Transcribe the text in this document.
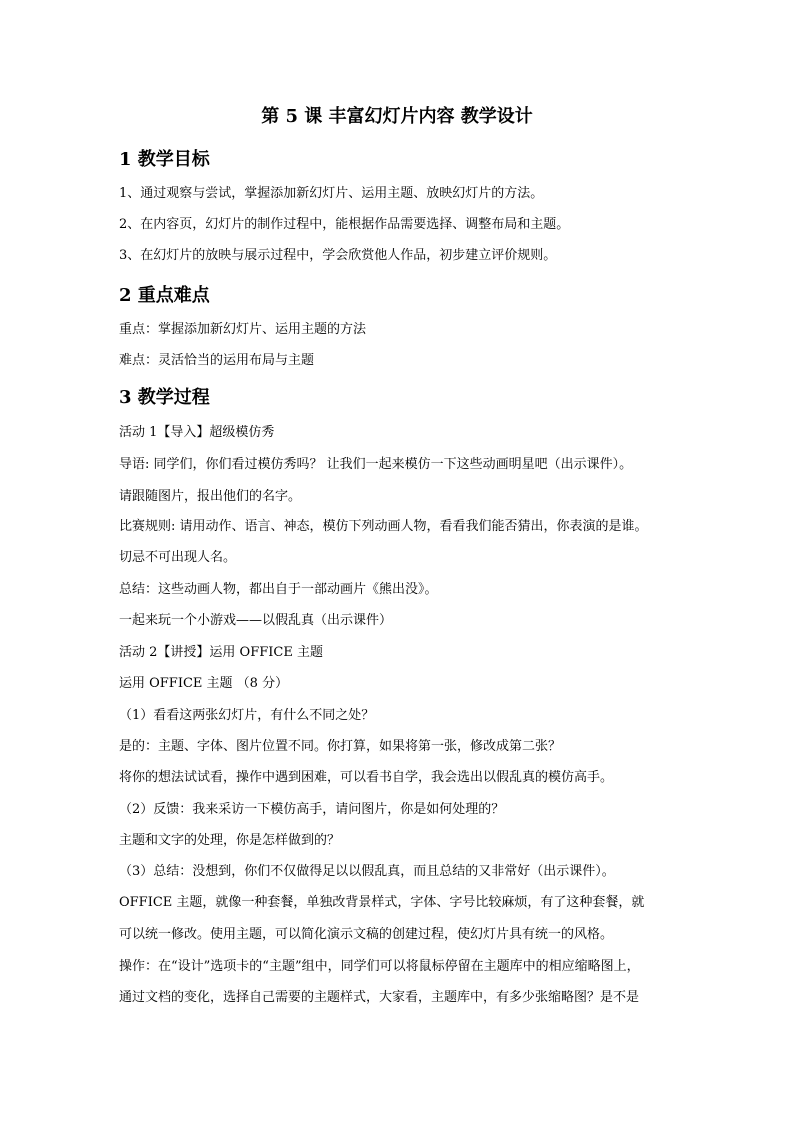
第 5 课 丰富幻灯片内容 教学设计
1 教学目标

1、通过观察与尝试，掌握添加新幻灯片、运用主题、放映幻灯片的方法。

2、在内容页，幻灯片的制作过程中，能根据作品需要选择、调整布局和主题。

3、在幻灯片的放映与展示过程中，学会欣赏他人作品，初步建立评价规则。

2 重点难点

重点：掌握添加新幻灯片、运用主题的方法

难点：灵活恰当的运用布局与主题

3 教学过程

活动 1【导入】超级模仿秀

导语: 同学们，你们看过模仿秀吗？ 让我们一起来模仿一下这些动画明星吧（出示课件）。

请跟随图片，报出他们的名字。

比赛规则: 请用动作、语言、神态，模仿下列动画人物，看看我们能否猜出，你表演的是谁。

切忌不可出现人名。

总结：这些动画人物，都出自于一部动画片《熊出没》。

一起来玩一个小游戏——以假乱真（出示课件）

活动 2【讲授】运用 OFFICE 主题

运用 OFFICE 主题 （8 分）

（1）看看这两张幻灯片，有什么不同之处？

是的：主题、字体、图片位置不同。你打算，如果将第一张，修改成第二张？

将你的想法试试看，操作中遇到困难，可以看书自学，我会选出以假乱真的模仿高手。

（2）反馈：我来采访一下模仿高手，请问图片，你是如何处理的？

主题和文字的处理，你是怎样做到的？

（3）总结：没想到，你们不仅做得足以以假乱真，而且总结的又非常好（出示课件）。

OFFICE 主题，就像一种套餐，单独改背景样式，字体、字号比较麻烦，有了这种套餐，就

可以统一修改。使用主题，可以简化演示文稿的创建过程，使幻灯片具有统一的风格。

操作：在“设计”选项卡的“主题”组中，同学们可以将鼠标停留在主题库中的相应缩略图上，

通过文档的变化，选择自己需要的主题样式，大家看，主题库中，有多少张缩略图？是不是
